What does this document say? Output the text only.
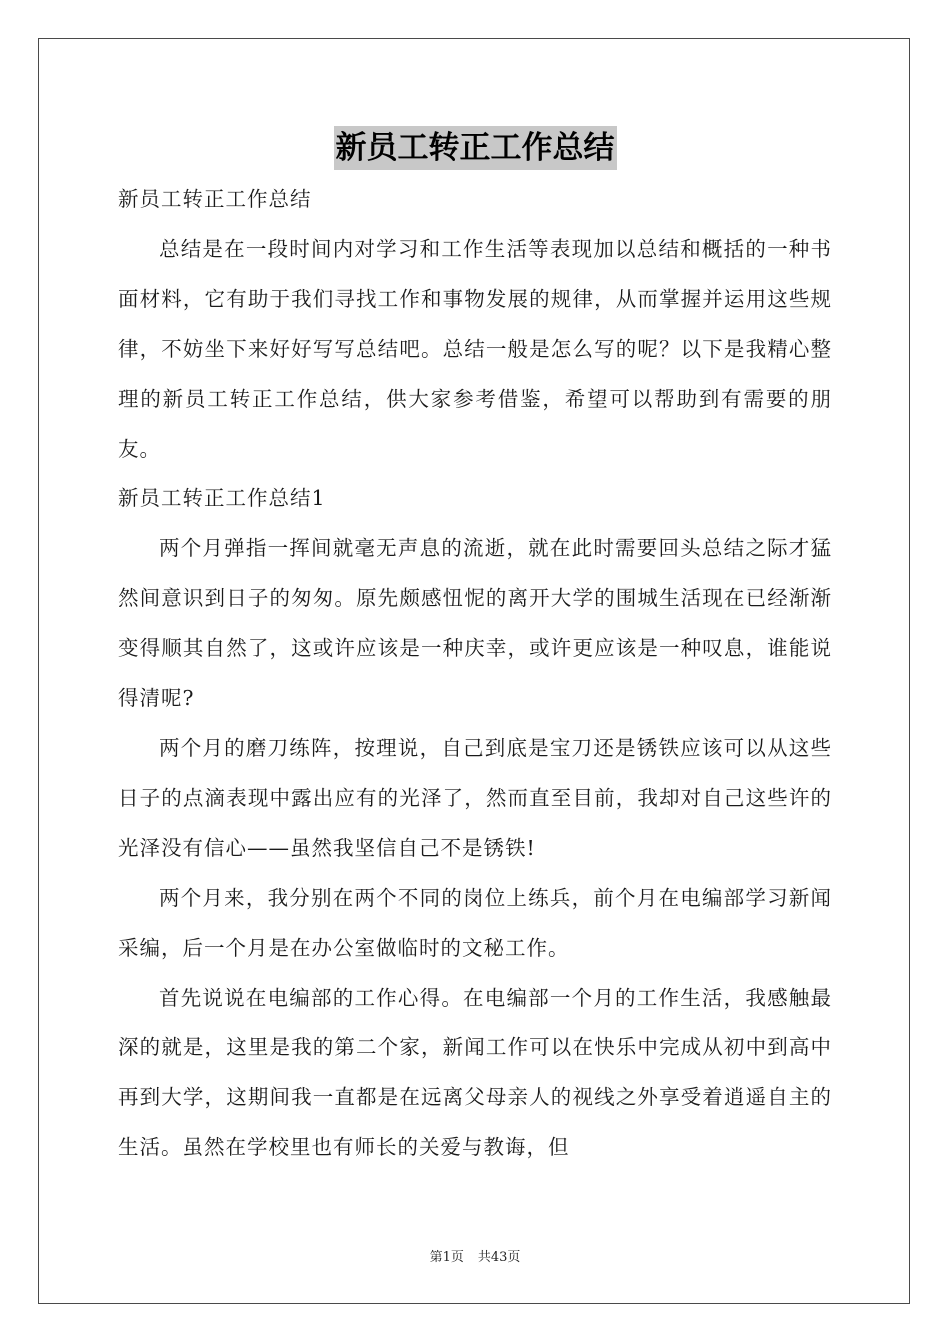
新员工转正工作总结

新员工转正工作总结

总结是在一段时间内对学习和工作生活等表现加以总结和概括的一种书面材料，它有助于我们寻找工作和事物发展的规律，从而掌握并运用这些规律，不妨坐下来好好写写总结吧。总结一般是怎么写的呢？以下是我精心整理的新员工转正工作总结，供大家参考借鉴，希望可以帮助到有需要的朋友。

新员工转正工作总结1

两个月弹指一挥间就毫无声息的流逝，就在此时需要回头总结之际才猛然间意识到日子的匆匆。原先颇感忸怩的离开大学的围城生活现在已经渐渐变得顺其自然了，这或许应该是一种庆幸，或许更应该是一种叹息，谁能说得清呢?

两个月的磨刀练阵，按理说，自己到底是宝刀还是锈铁应该可以从这些日子的点滴表现中露出应有的光泽了，然而直至目前，我却对自己这些许的光泽没有信心——虽然我坚信自己不是锈铁!

两个月来，我分别在两个不同的岗位上练兵，前个月在电编部学习新闻采编，后一个月是在办公室做临时的文秘工作。

首先说说在电编部的工作心得。在电编部一个月的工作生活，我感触最深的就是，这里是我的第二个家，新闻工作可以在快乐中完成从初中到高中再到大学，这期间我一直都是在远离父母亲人的视线之外享受着逍遥自主的生活。虽然在学校里也有师长的关爱与教诲，但

第1页 共43页
